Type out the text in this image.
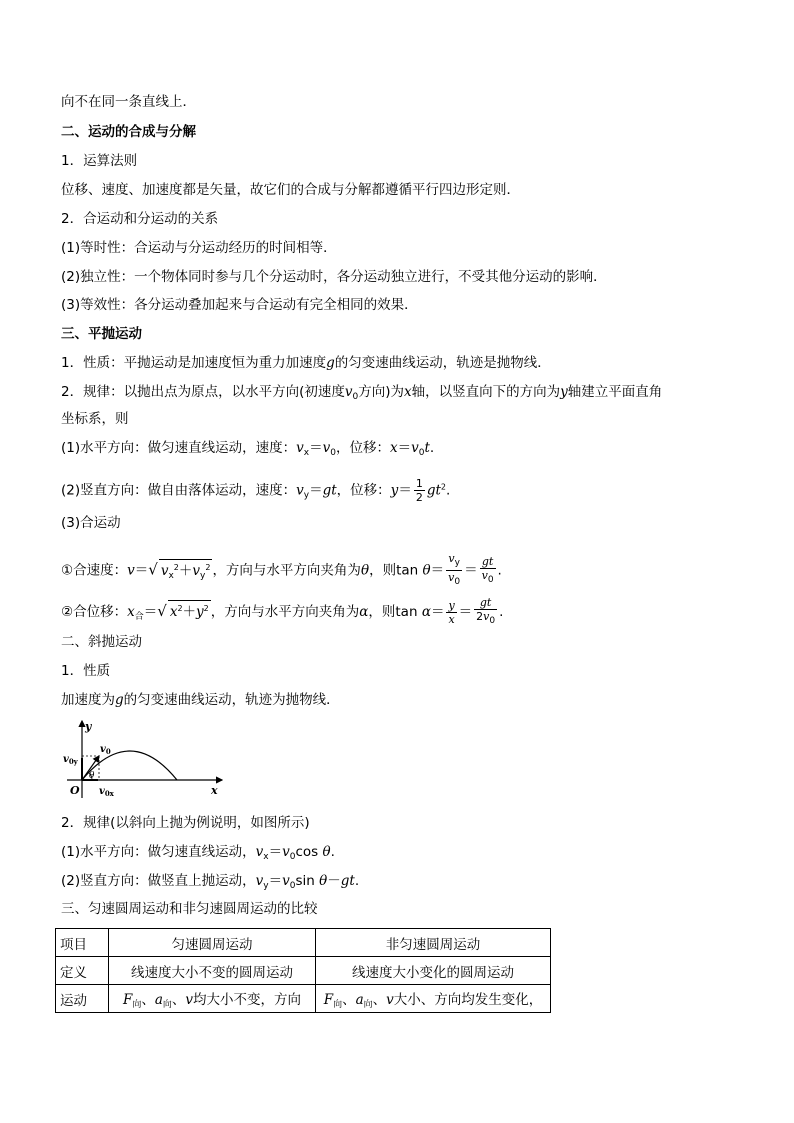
向不在同一条直线上．
二、运动的合成与分解
1．运算法则
位移、速度、加速度都是矢量，故它们的合成与分解都遵循平行四边形定则．
2．合运动和分运动的关系
(1)等时性：合运动与分运动经历的时间相等．
(2)独立性：一个物体同时参与几个分运动时，各分运动独立进行，不受其他分运动的影响．
(3)等效性：各分运动叠加起来与合运动有完全相同的效果．
三、平抛运动
1．性质：平抛运动是加速度恒为重力加速度g的匀变速曲线运动，轨迹是抛物线．
2．规律：以抛出点为原点，以水平方向(初速度$v_0$方向)为x轴，以竖直向下的方向为y轴建立平面直角
坐标系，则
(1)水平方向：做匀速直线运动，速度：$v_x=v_0$，位移：$x=v_0t$.
(2)竖直方向：做自由落体运动，速度：$v_y=gt$，位移：$y= \frac{1}{2} gt^2$.
(3)合运动
①合速度：v＝√ $v_x^2+v_y^2$ ，方向与水平方向夹角为θ，则$\tan \theta= \frac{v_y}{v_0} = \frac{gt}{v_0}$ .
②合位移：$x_合=√$ $x^2+y^2$ ，方向与水平方向夹角为α，则$\tan \alpha= \frac{y}{x} = \frac{gt}{2v_0}$ .
二、斜抛运动
1．性质
加速度为g的匀变速曲线运动，轨迹为抛物线．
y
x
O
$v_0$
$v_{0y}$
$v_{0x}$
θ
2．规律(以斜向上抛为例说明，如图所示)
(1)水平方向：做匀速直线运动，$v_x=v_0\cos$ θ.
(2)竖直方向：做竖直上抛运动，$v_y=v_0\sin$ θ－gt.
三、匀速圆周运动和非匀速圆周运动的比较
项目	匀速圆周运动	非匀速圆周运动
定义	线速度大小不变的圆周运动	线速度大小变化的圆周运动
运动	$F_向$、$a_向$、v均大小不变，方向	$F_向$、$a_向$、v大小、方向均发生变化，
